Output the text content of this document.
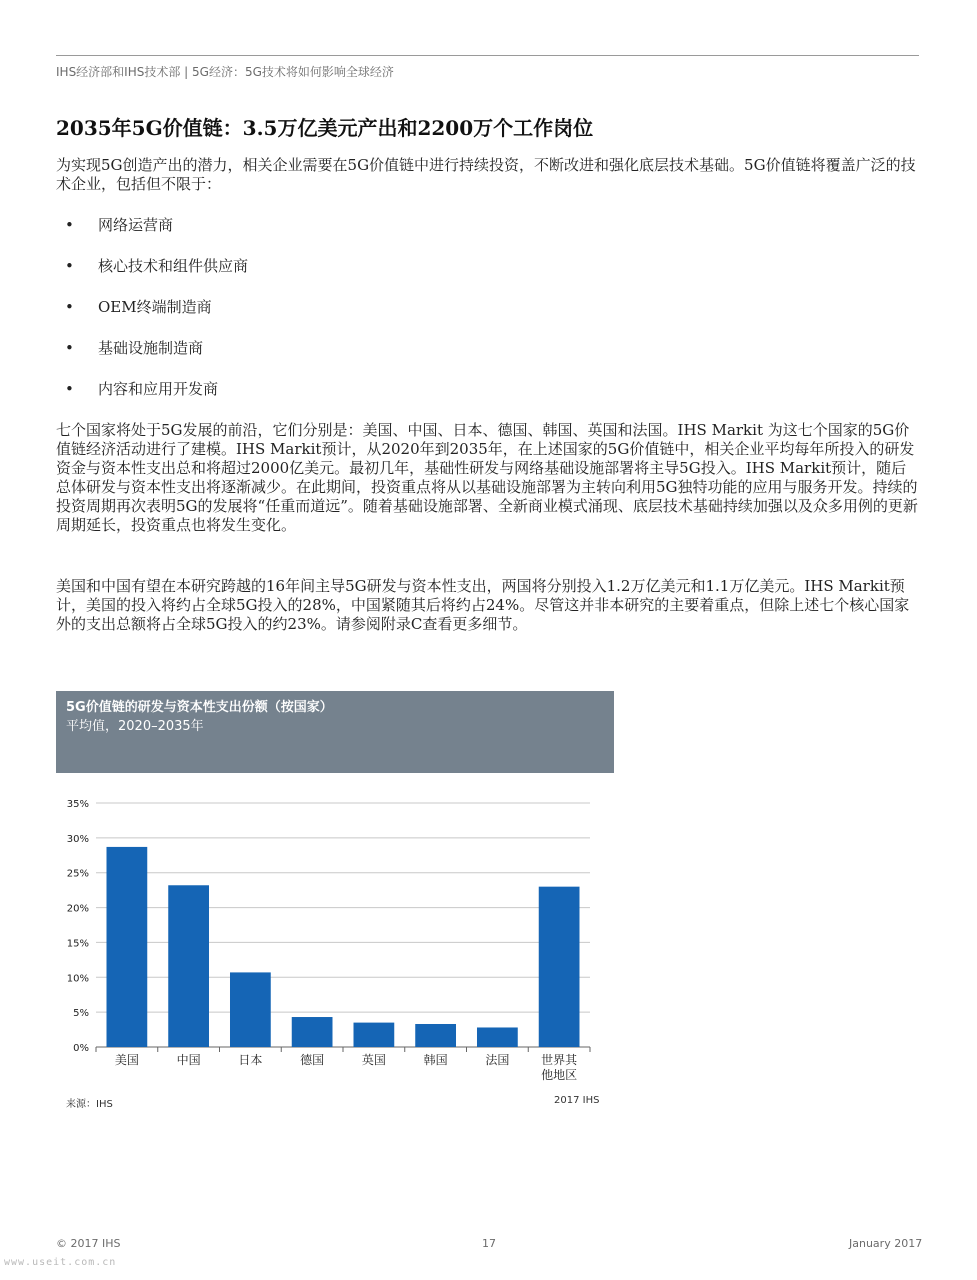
IHS经济部和IHS技术部 | 5G经济：5G技术将如何影响全球经济
2035年5G价值链：3.5万亿美元产出和2200万个工作岗位

为实现5G创造产出的潜力，相关企业需要在5G价值链中进行持续投资，不断改进和强化底层技术基础。5G价值链将覆盖广泛的技术企业，包括但不限于：

• 网络运营商
• 核心技术和组件供应商
• OEM终端制造商
• 基础设施制造商
• 内容和应用开发商

七个国家将处于5G发展的前沿，它们分别是：美国、中国、日本、德国、韩国、英国和法国。IHS Markit 为这七个国家的5G价值链经济活动进行了建模。IHS Markit预计，从2020年到2035年，在上述国家的5G价值链中，相关企业平均每年所投入的研发资金与资本性支出总和将超过2000亿美元。最初几年，基础性研发与网络基础设施部署将主导5G投入。IHS Markit预计，随后总体研发与资本性支出将逐渐减少。在此期间，投资重点将从以基础设施部署为主转向利用5G独特功能的应用与服务开发。持续的投资周期再次表明5G的发展将“任重而道远”。随着基础设施部署、全新商业模式涌现、底层技术基础持续加强以及众多用例的更新周期延长，投资重点也将发生变化。

美国和中国有望在本研究跨越的16年间主导5G研发与资本性支出，两国将分别投入1.2万亿美元和1.1万亿美元。IHS Markit预计，美国的投入将约占全球5G投入的28%，中国紧随其后将约占24%。尽管这并非本研究的主要着重点，但除上述七个核心国家外的支出总额将占全球5G投入的约23%。请参阅附录C查看更多细节。

5G价值链的研发与资本性支出份额（按国家）
平均值，2020–2035年
0%
5%
10%
15%
20%
25%
30%
35%
美国	中国	日本	德国	英国	韩国	法国	世界其
他地区
来源：IHS	2017 IHS
© 2017 IHS	17	January 2017
www.useit.com.cn
